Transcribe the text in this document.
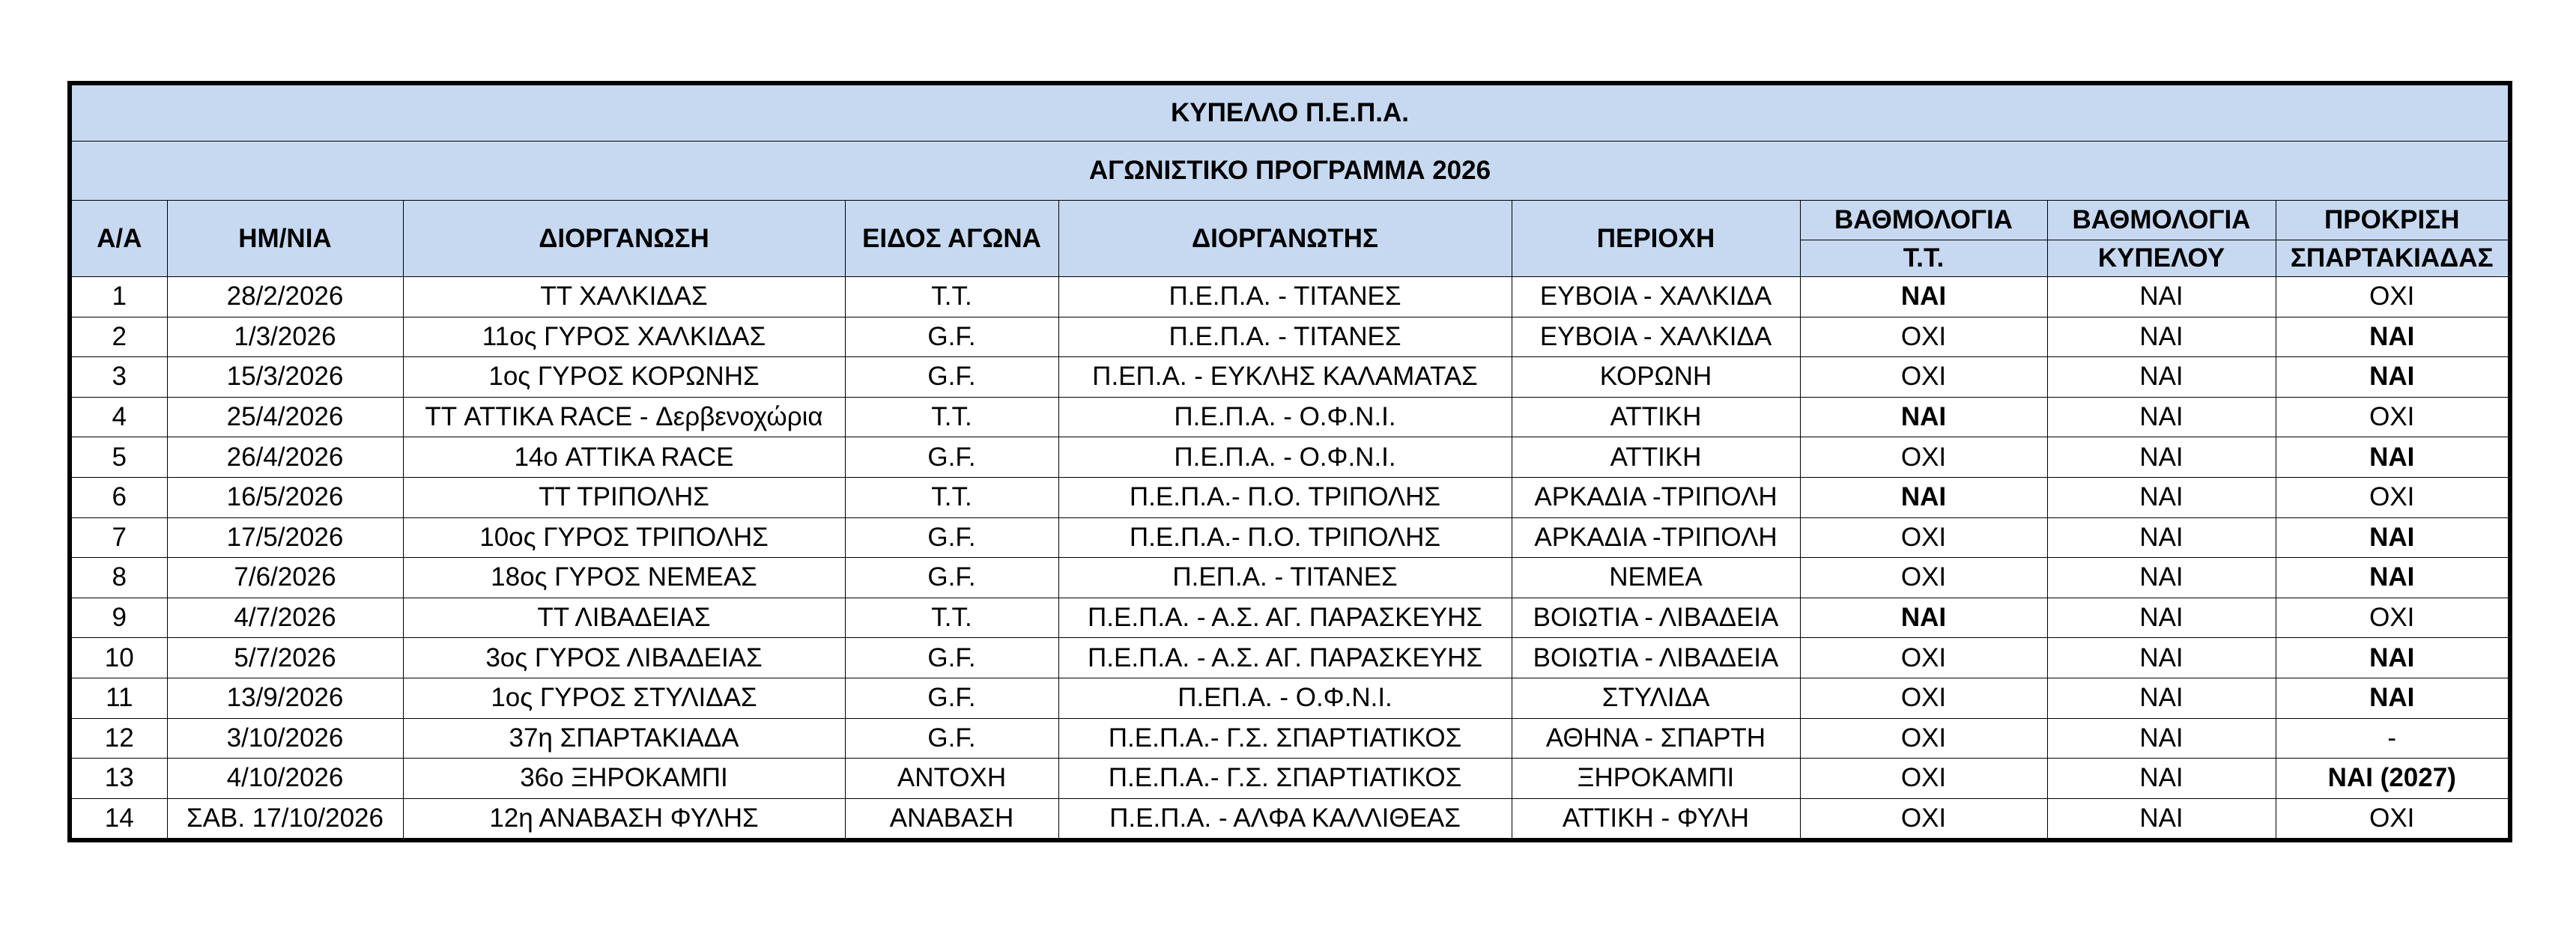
ΚΥΠΕΛΛΟ Π.Ε.Π.Α.								
ΑΓΩΝΙΣΤΙΚΟ ΠΡΟΓΡΑΜΜΑ 2026								
Α/Α	ΗΜ/ΝΙΑ	ΔΙΟΡΓΑΝΩΣΗ	ΕΙΔΟΣ ΑΓΩΝΑ	ΔΙΟΡΓΑΝΩΤΗΣ	ΠΕΡΙΟΧΗ	ΒΑΘΜΟΛΟΓΙΑ	ΒΑΘΜΟΛΟΓΙΑ	ΠΡΟΚΡΙΣΗ
						Τ.Τ.	ΚΥΠΕΛΟΥ	ΣΠΑΡΤΑΚΙΑΔΑΣ
1	28/2/2026	ΤΤ ΧΑΛΚΙΔΑΣ	Τ.Τ.	Π.Ε.Π.Α. - ΤΙΤΑΝΕΣ	ΕΥΒΟΙΑ - ΧΑΛΚΙΔΑ	ΝΑΙ	ΝΑΙ	ΟΧΙ
2	1/3/2026	11ος ΓΥΡΟΣ ΧΑΛΚΙΔΑΣ	G.F.	Π.Ε.Π.Α. - ΤΙΤΑΝΕΣ	ΕΥΒΟΙΑ - ΧΑΛΚΙΔΑ	ΟΧΙ	ΝΑΙ	ΝΑΙ
3	15/3/2026	1ος ΓΥΡΟΣ ΚΟΡΩΝΗΣ	G.F.	Π.ΕΠ.Α. - ΕΥΚΛΗΣ ΚΑΛΑΜΑΤΑΣ	ΚΟΡΩΝΗ	ΟΧΙ	ΝΑΙ	ΝΑΙ
4	25/4/2026	ΤΤ ATTIKA RACE - Δερβενοχώρια	Τ.Τ.	Π.Ε.Π.Α. - Ο.Φ.Ν.Ι.	ΑΤΤΙΚΗ	ΝΑΙ	ΝΑΙ	ΟΧΙ
5	26/4/2026	14ο ATTIKA RACE	G.F.	Π.Ε.Π.Α. - Ο.Φ.Ν.Ι.	ΑΤΤΙΚΗ	ΟΧΙ	ΝΑΙ	ΝΑΙ
6	16/5/2026	ΤΤ ΤΡΙΠΟΛΗΣ	Τ.Τ.	Π.Ε.Π.Α.- Π.Ο. ΤΡΙΠΟΛΗΣ	ΑΡΚΑΔΙΑ -ΤΡΙΠΟΛΗ	ΝΑΙ	ΝΑΙ	ΟΧΙ
7	17/5/2026	10ος ΓΥΡΟΣ ΤΡΙΠΟΛΗΣ	G.F.	Π.Ε.Π.Α.- Π.Ο. ΤΡΙΠΟΛΗΣ	ΑΡΚΑΔΙΑ -ΤΡΙΠΟΛΗ	ΟΧΙ	ΝΑΙ	ΝΑΙ
8	7/6/2026	18ος ΓΥΡΟΣ ΝΕΜΕΑΣ	G.F.	Π.ΕΠ.Α. - ΤΙΤΑΝΕΣ	ΝΕΜΕΑ	ΟΧΙ	ΝΑΙ	ΝΑΙ
9	4/7/2026	ΤΤ ΛΙΒΑΔΕΙΑΣ	Τ.Τ.	Π.Ε.Π.Α. - Α.Σ. ΑΓ. ΠΑΡΑΣΚΕΥΗΣ	ΒΟΙΩΤΙΑ - ΛΙΒΑΔΕΙΑ	ΝΑΙ	ΝΑΙ	ΟΧΙ
10	5/7/2026	3ος ΓΥΡΟΣ ΛΙΒΑΔΕΙΑΣ	G.F.	Π.Ε.Π.Α. - Α.Σ. ΑΓ. ΠΑΡΑΣΚΕΥΗΣ	ΒΟΙΩΤΙΑ - ΛΙΒΑΔΕΙΑ	ΟΧΙ	ΝΑΙ	ΝΑΙ
11	13/9/2026	1ος ΓΥΡΟΣ ΣΤΥΛΙΔΑΣ	G.F.	Π.ΕΠ.Α. - Ο.Φ.Ν.Ι.	ΣΤΥΛΙΔΑ	ΟΧΙ	ΝΑΙ	ΝΑΙ
12	3/10/2026	37η ΣΠΑΡΤΑΚΙΑΔΑ	G.F.	Π.Ε.Π.Α.- Γ.Σ. ΣΠΑΡΤΙΑΤΙΚΟΣ	ΑΘΗΝΑ - ΣΠΑΡΤΗ	ΟΧΙ	ΝΑΙ	-
13	4/10/2026	36ο ΞΗΡΟΚΑΜΠΙ	ΑΝΤΟΧΗ	Π.Ε.Π.Α.- Γ.Σ. ΣΠΑΡΤΙΑΤΙΚΟΣ	ΞΗΡΟΚΑΜΠΙ	ΟΧΙ	ΝΑΙ	ΝΑΙ (2027)
14	ΣΑΒ. 17/10/2026	12η ΑΝΑΒΑΣΗ ΦΥΛΗΣ	ΑΝΑΒΑΣΗ	Π.Ε.Π.Α. - ΑΛΦΑ ΚΑΛΛΙΘΕΑΣ	ΑΤΤΙΚΗ - ΦΥΛΗ	ΟΧΙ	ΝΑΙ	ΟΧΙ
